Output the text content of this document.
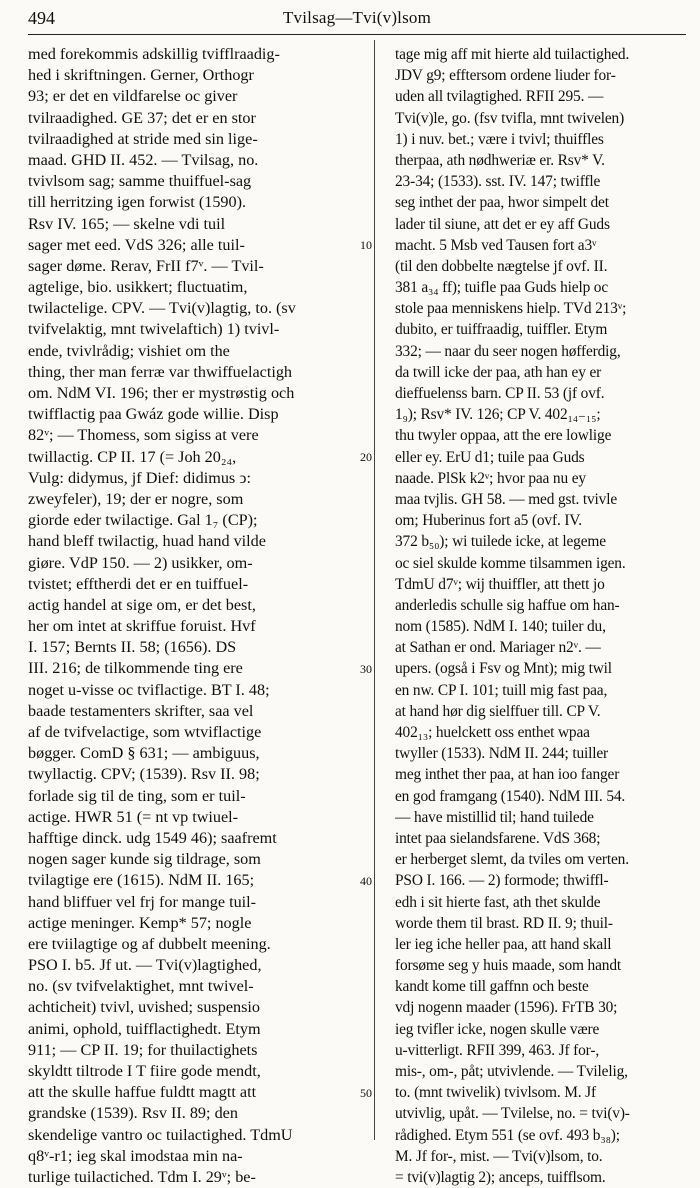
494	Tvilsag—Tvi(v)lsom
med forekommis adskillig tvifflraadig-
hed i skriftningen. Gerner, Orthogr
93; er det en vildfarelse oc giver
tvilraadighed. GE 37; det er en stor
tvilraadighed at stride med sin lige-
maad. GHD II. 452. — Tvilsag, no.
tvivlsom sag; samme thuiffuel-sag
till herritzing igen forwist (1590).
Rsv IV. 165; — skelne vdi tuil
sager met eed. VdS 326; alle tuil-
sager døme. Rerav, FrII f7ᵛ. — Tvil-
agtelige, bio. usikkert; fluctuatim,
twilactelige. CPV. — Tvi(v)lagtig, to. (sv
tvifvelaktig, mnt twivelaftich) 1) tvivl-
ende, tvivlrådig; vishiet om the
thing, ther man ferræ var thwiffuelactigh
om. NdM VI. 196; ther er mystrøstig och
twifflactig paa Gwáz gode willie. Disp
82ᵛ; — Thomess, som sigiss at vere
twillactig. CP II. 17 (= Joh 20₂₄,
Vulg: didymus, jf Dief: didimus ↄ:
zweyfeler), 19; der er nogre, som
giorde eder twilactige. Gal 1₇ (CP);
hand bleff twilactig, huad hand vilde
giøre. VdP 150. — 2) usikker, om-
tvistet; efftherdi det er en tuiffuel-
actig handel at sige om, er det best,
her om intet at skriffue foruist. Hvf
I. 157; Bernts II. 58; (1656). DS
III. 216; de tilkommende ting ere
noget u-visse oc tviflactige. BT I. 48;
baade testamenters skrifter, saa vel
af de tvifvelactige, som wtviflactige
bøgger. ComD § 631; — ambiguus,
twyllactig. CPV; (1539). Rsv II. 98;
forlade sig til de ting, som er tuil-
actige. HWR 51 (= nt vp twiuel-
hafftige dinck. udg 1549 46); saafremt
nogen sager kunde sig tildrage, som
tvilagtige ere (1615). NdM II. 165;
hand bliffuer vel frj for mange tuil-
actige meninger. Kemp* 57; nogle
ere tviilagtige og af dubbelt meening.
PSO I. b5. Jf ut. — Tvi(v)lagtighed,
no. (sv tvifvelaktighet, mnt twivel-
achticheit) tvivl, uvished; suspensio
animi, ophold, tuifflactighedt. Etym
911; — CP II. 19; for thuilactighets
skyldtt tiltrode I T fiire gode mendt,
att the skulle haffue fuldtt magtt att
grandske (1539). Rsv II. 89; den
skendelige vantro oc tuilactighed. TdmU
q8ᵛ-r1; ieg skal imodstaa min na-
turlige tuilactiched. Tdm I. 29ᵛ; be-
10
20
30
40
50
tage mig aff mit hierte ald tuilactighed.
JDV g9; efftersom ordene liuder for-
uden all tvilagtighed. RFII 295. —
Tvi(v)le, go. (fsv tvifla, mnt twivelen)
1) i nuv. bet.; være i tvivl; thuiffles
therpaa, ath nødhweriæ er. Rsv* V.
23-34; (1533). sst. IV. 147; twiffle
seg inthet der paa, hwor simpelt det
lader til siune, att det er ey aff Guds
macht. 5 Msb ved Tausen fort a3ᵛ
(til den dobbelte nægtelse jf ovf. II.
381 a₃₄ ff); tuifle paa Guds hielp oc
stole paa menniskens hielp. TVd 213ᵛ;
dubito, er tuiffraadig, tuiffler. Etym
332; — naar du seer nogen høfferdig,
da twill icke der paa, ath han ey er
dieffuelenss barn. CP II. 53 (jf ovf.
1₉); Rsv* IV. 126; CP V. 402₁₄₋₁₅;
thu twyler oppaa, att the ere lowlige
eller ey. ErU d1; tuile paa Guds
naade. PlSk k2ᵛ; hvor paa nu ey
maa tvjlis. GH 58. — med gst. tvivle
om; Huberinus fort a5 (ovf. IV.
372 b₅₀); wi tuilede icke, at legeme
oc siel skulde komme tilsammen igen.
TdmU d7ᵛ; wij thuiffler, att thett jo
anderledis schulle sig haffue om han-
nom (1585). NdM I. 140; tuiler du,
at Sathan er ond. Mariager n2ᵛ. —
upers. (også i Fsv og Mnt); mig twil
en nw. CP I. 101; tuill mig fast paa,
at hand hør dig sielffuer till. CP V.
402₁₃; huelckett oss enthet wpaa
twyller (1533). NdM II. 244; tuiller
meg inthet ther paa, at han ioo fanger
en god framgang (1540). NdM III. 54.
— have mistillid til; hand tuilede
intet paa sielandsfarene. VdS 368;
er herberget slemt, da tviles om verten.
PSO I. 166. — 2) formode; thwiffl-
edh i sit hierte fast, ath thet skulde
worde them til brast. RD II. 9; thuil-
ler ieg iche heller paa, att hand skall
forsøme seg y huis maade, som handt
kandt kome till gaffnn och beste
vdj nogenn maader (1596). FrTB 30;
ieg tvifler icke, nogen skulle være
u-vitterligt. RFII 399, 463. Jf for-,
mis-, om-, påt; utvivlende. — Tvilelig,
to. (mnt twivelik) tvivlsom. M. Jf
utvivlig, upåt. — Tvilelse, no. = tvi(v)-
rådighed. Etym 551 (se ovf. 493 b₃₈);
M. Jf for-, mist. — Tvi(v)lsom, to.
= tvi(v)lagtig 2); anceps, tuifflsom.
